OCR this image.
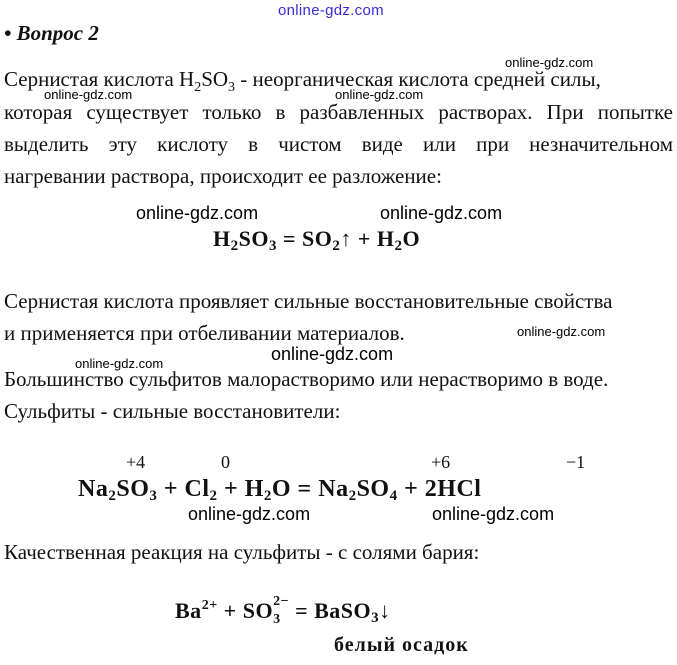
online-gdz.com
• Вопрос 2
online-gdz.com
Сернистая кислота $H_2SO_3$ - неорганическая кислота средней силы,
online-gdz.com	online-gdz.com
которая существует только в разбавленных растворах. При попытке
выделить эту кислоту в чистом виде или при незначительном
нагревании раствора, происходит ее разложение:
online-gdz.com	online-gdz.com
$H_2SO_3$ = $SO_2↑ + H_2O$
Сернистая кислота проявляет сильные восстановительные свойства
и применяется при отбеливании материалов.	online-gdz.com
online-gdz.com
online-gdz.com
Большинство сульфитов малорастворимо или нерастворимо в воде.
Сульфиты - сильные восстановители:
+4	0	+6	−1
$Na_2SO_3 + Cl_2 + H_2O = Na_2SO_4 + 2HCl$
online-gdz.com	online-gdz.com
Качественная реакция на сульфиты - с солями бария:
$Ba^{2+}$ + SO 2−
3 = BaSO$_3$↓
белый осадок
